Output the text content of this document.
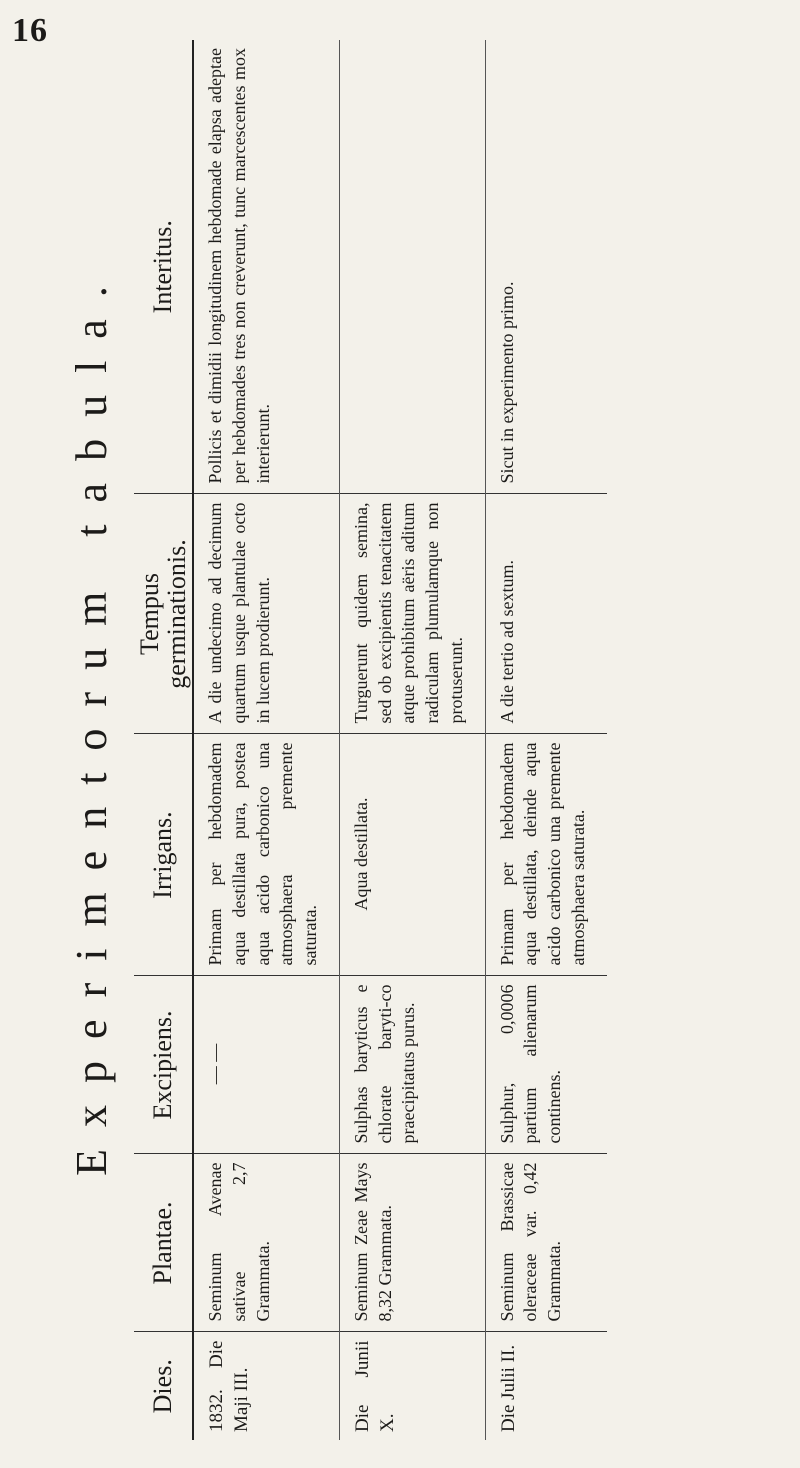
16
Experimentorum tabula.
Dies.	Plantae.	Excipiens.	Irrigans.	Tempus germinationis.	Interitus.
1832. Die Maji III.	Seminum Avenae sativae 2,7 Grammata.	— —	Primam per hebdomadem aqua destillata pura, postea aqua acido carbonico una atmosphaera premente saturata.	A die undecimo ad decimum quartum usque plantulae octo in lucem prodierunt.	Pollicis et dimidii longitudinem hebdomade elapsa adeptae per hebdomades tres non creverunt, tunc marcescentes mox interierunt.
Die Junii X.	Seminum Zeae Mays 8,32 Grammata.	Sulphas baryticus e chlorate baryti-co praecipitatus purus.	Aqua destillata.	Turguerunt quidem semina, sed ob excipientis tenacitatem atque prohibitum aëris aditum radiculam plumulamque non protuserunt.	
Die Julii II.	Seminum Brassicae oleraceae var. 0,42 Grammata.	Sulphur, 0,0006 partium alienarum continens.	Primam per hebdomadem aqua destillata, deinde aqua acido carbonico una premente atmosphaera saturata.	A die tertio ad sextum.	Sicut in experimento primo.
